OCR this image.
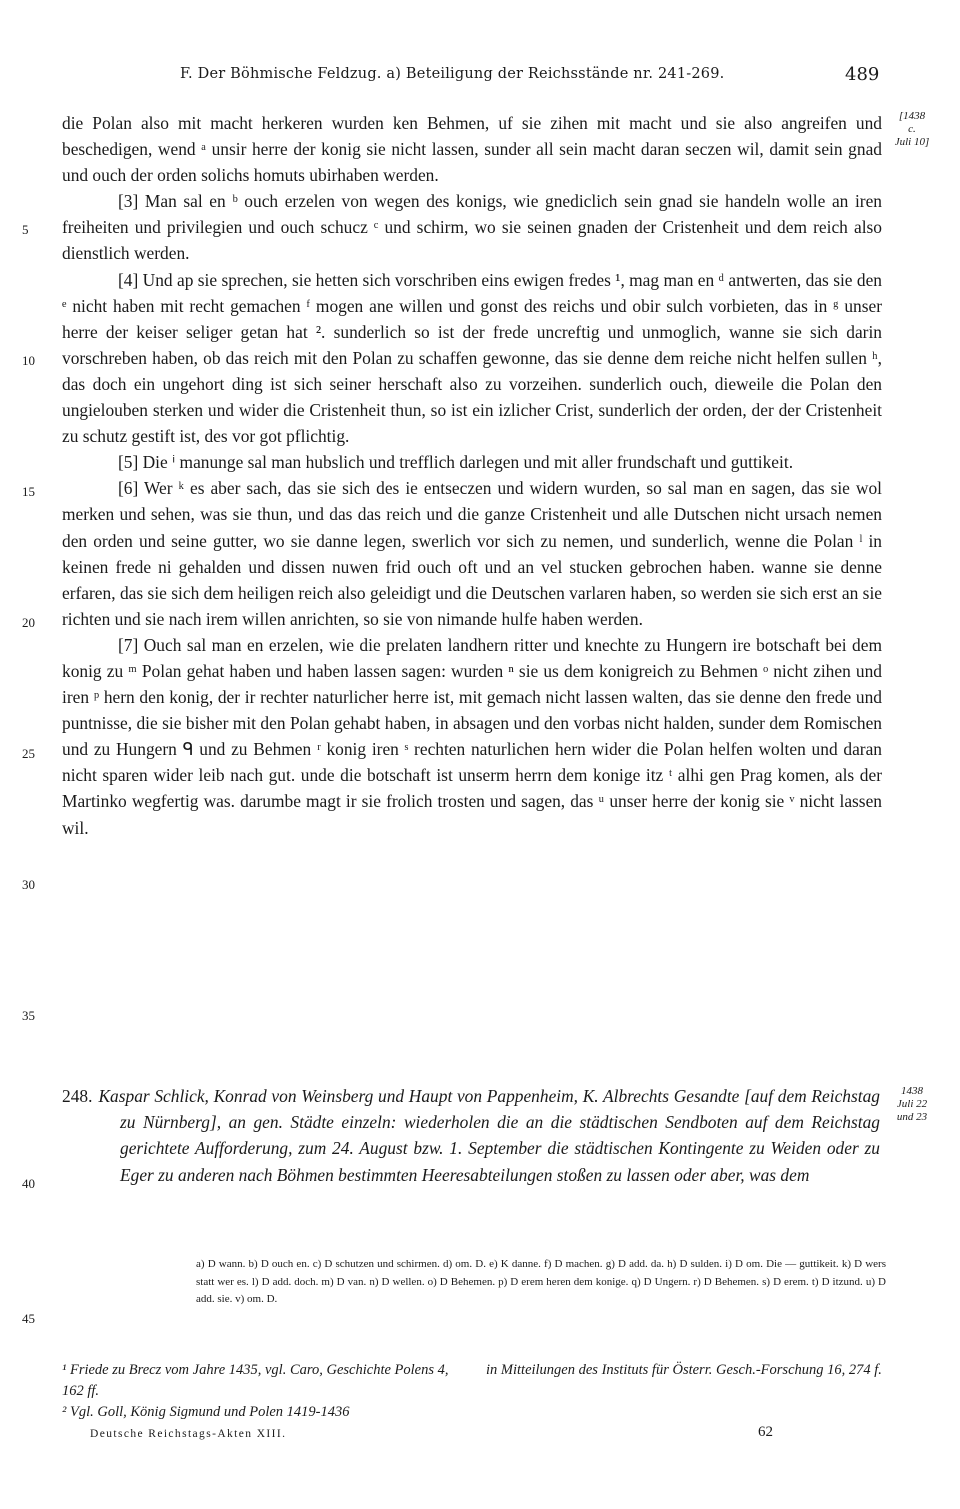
F. Der Böhmische Feldzug. a) Beteiligung der Reichsstände nr. 241-269.	489
[1438
c.
Juli 10]
1438
Juli 22
und 23
5
10
15
20
25
30
35
40
45

die Polan also mit macht herkeren wurden ken Behmen, uf sie zihen mit macht und sie also angreifen und beschedigen, wend ᵃ unsir herre der konig sie nicht lassen, sunder all sein macht daran seczen wil, damit sein gnad und ouch der orden solichs homuts ubirhaben werden.

[3] Man sal en ᵇ ouch erzelen von wegen des konigs, wie gnediclich sein gnad sie handeln wolle an iren freiheiten und privilegien und ouch schucz ᶜ und schirm, wo sie seinen gnaden der Cristenheit und dem reich also dienstlich werden.

[4] Und ap sie sprechen, sie hetten sich vorschriben eins ewigen fredes ¹, mag man en ᵈ antwerten, das sie den ᵉ nicht haben mit recht gemachen ᶠ mogen ane willen und gonst des reichs und obir sulch vorbieten, das in ᵍ unser herre der keiser seliger getan hat ². sunderlich so ist der frede uncreftig und unmoglich, wanne sie sich darin vorschreben haben, ob das reich mit den Polan zu schaffen gewonne, das sie denne dem reiche nicht helfen sullen ʰ, das doch ein ungehort ding ist sich seiner herschaft also zu vorzeihen. sunderlich ouch, dieweile die Polan den ungielouben sterken und wider die Cristenheit thun, so ist ein izlicher Crist, sunderlich der orden, der der Cristenheit zu schutz gestift ist, des vor got pflichtig.

[5] Die ⁱ manunge sal man hubslich und trefflich darlegen und mit aller frundschaft und guttikeit.

[6] Wer ᵏ es aber sach, das sie sich des ie entseczen und widern wurden, so sal man en sagen, das sie wol merken und sehen, was sie thun, und das das reich und die ganze Cristenheit und alle Dutschen nicht ursach nemen den orden und seine gutter, wo sie danne legen, swerlich vor sich zu nemen, und sunderlich, wenne die Polan ˡ in keinen frede ni gehalden und dissen nuwen frid ouch oft und an vel stucken gebrochen haben. wanne sie denne erfaren, das sie sich dem heiligen reich also geleidigt und die Deutschen varlaren haben, so werden sie sich erst an sie richten und sie nach irem willen anrichten, so sie von nimande hulfe haben werden.

[7] Ouch sal man en erzelen, wie die prelaten landhern ritter und knechte zu Hungern ire botschaft bei dem konig zu ᵐ Polan gehat haben und haben lassen sagen: wurden ⁿ sie us dem konigreich zu Behmen ᵒ nicht zihen und iren ᵖ hern den konig, der ir rechter naturlicher herre ist, mit gemach nicht lassen walten, das sie denne den frede und puntnisse, die sie bisher mit den Polan gehabt haben, in absagen und den vorbas nicht halden, sunder dem Romischen und zu Hungern ᑫ und zu Behmen ʳ konig iren ˢ rechten naturlichen hern wider die Polan helfen wolten und daran nicht sparen wider leib nach gut. unde die botschaft ist unserm herrn dem konige itz ᵗ alhi gen Prag komen, als der Martinko wegfertig was. darumbe magt ir sie frolich trosten und sagen, das ᵘ unser herre der konig sie ᵛ nicht lassen wil.

248. Kaspar Schlick, Konrad von Weinsberg und Haupt von Pappenheim, K. Albrechts Gesandte [auf dem Reichstag zu Nürnberg], an gen. Städte einzeln: wiederholen die an die städtischen Sendboten auf dem Reichstag gerichtete Aufforderung, zum 24. August bzw. 1. September die städtischen Kontingente zu Weiden oder zu Eger zu anderen nach Böhmen bestimmten Heeresabteilungen stoßen zu lassen oder aber, was dem

a) D wann. b) D ouch en. c) D schutzen und schirmen. d) om. D. e) K danne. f) D machen. g) D add. da. h) D sulden. i) D om. Die — guttikeit. k) D wers statt wer es. l) D add. doch. m) D van. n) D wellen. o) D Behemen. p) D erem heren dem konige. q) D Ungern. r) D Behemen. s) D erem. t) D itzund. u) D add. sie. v) om. D.

¹ Friede zu Brecz vom Jahre 1435, vgl. Caro, Geschichte Polens 4, 162 ff.

² Vgl. Goll, König Sigmund und Polen 1419-1436

in Mitteilungen des Instituts für Österr. Gesch.-Forschung 16, 274 f.

Deutsche Reichstags-Akten XIII.	62
